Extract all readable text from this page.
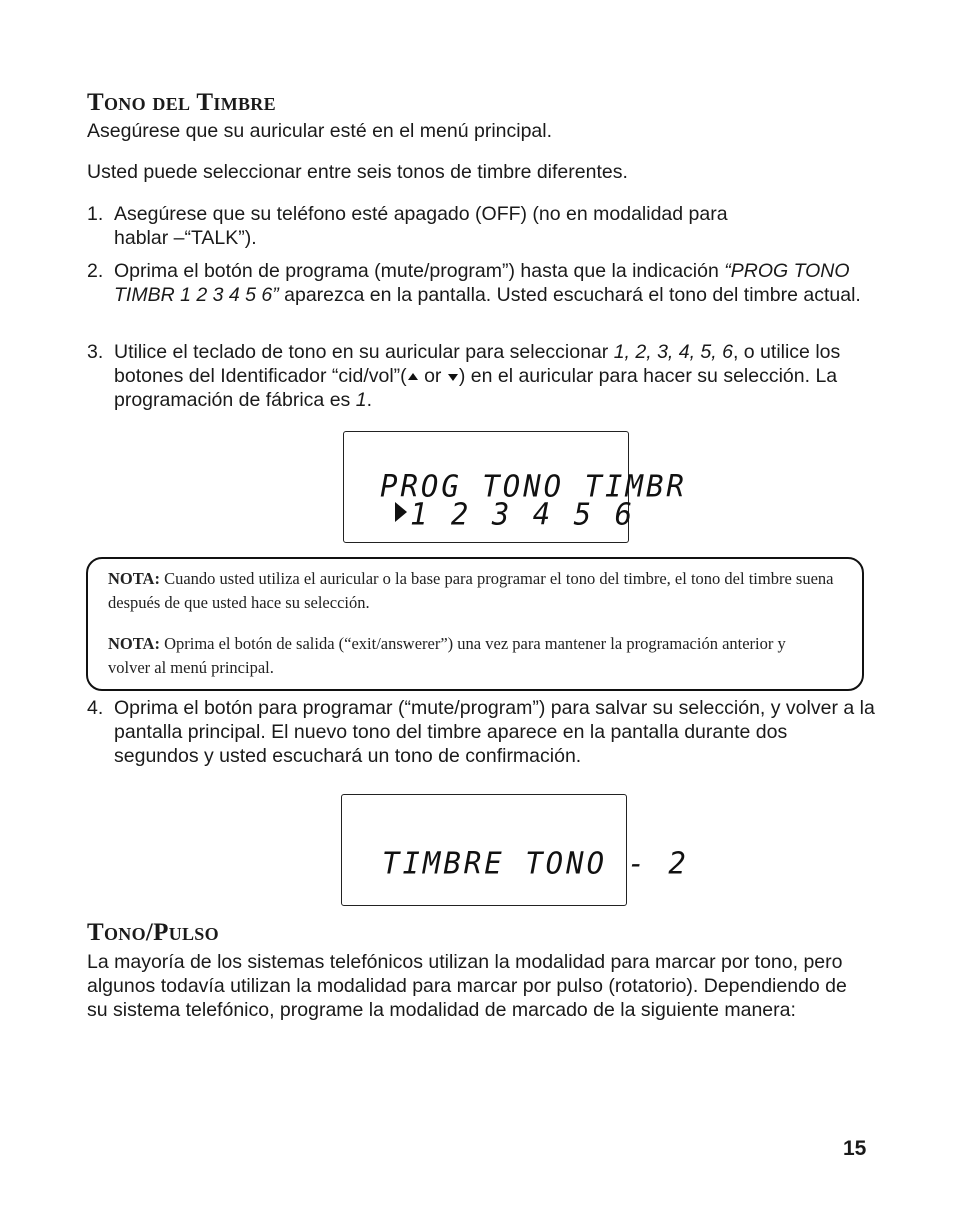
Tono del Timbre
Asegúrese que su auricular esté en el menú principal.
Usted puede seleccionar entre seis tonos de timbre diferentes.
1. Asegúrese que su teléfono esté apagado (OFF) (no en modalidad para hablar –“TALK”).
2. Oprima el botón de programa (mute/program”) hasta que la indicación “PROG TONO TIMBR 1 2 3 4 5 6” aparezca en la pantalla. Usted escuchará el tono del timbre actual.
3. Utilice el teclado de tono en su auricular para seleccionar 1, 2, 3, 4, 5, 6, o utilice los botones del Identificador “cid/vol”( or ) en el auricular para hacer su selección. La programación de fábrica es 1.
PROG TONO TIMBR
1 2 3 4 5 6
NOTA: Cuando usted utiliza el auricular o la base para programar el tono del timbre, el tono del timbre suena después de que usted hace su selección.
NOTA: Oprima el botón de salida (“exit/answerer”) una vez para mantener la programación anterior y volver al menú principal.
4. Oprima el botón para programar (“mute/program”) para salvar su selección, y volver a la pantalla principal. El nuevo tono del timbre aparece en la pantalla durante dos segundos y usted escuchará un tono de confirmación.
TIMBRE TONO - 2
Tono/Pulso
La mayoría de los sistemas telefónicos utilizan la modalidad para marcar por tono, pero algunos todavía utilizan la modalidad para marcar por pulso (rotatorio). Dependiendo de su sistema telefónico, programe la modalidad de marcado de la siguiente manera:
15
